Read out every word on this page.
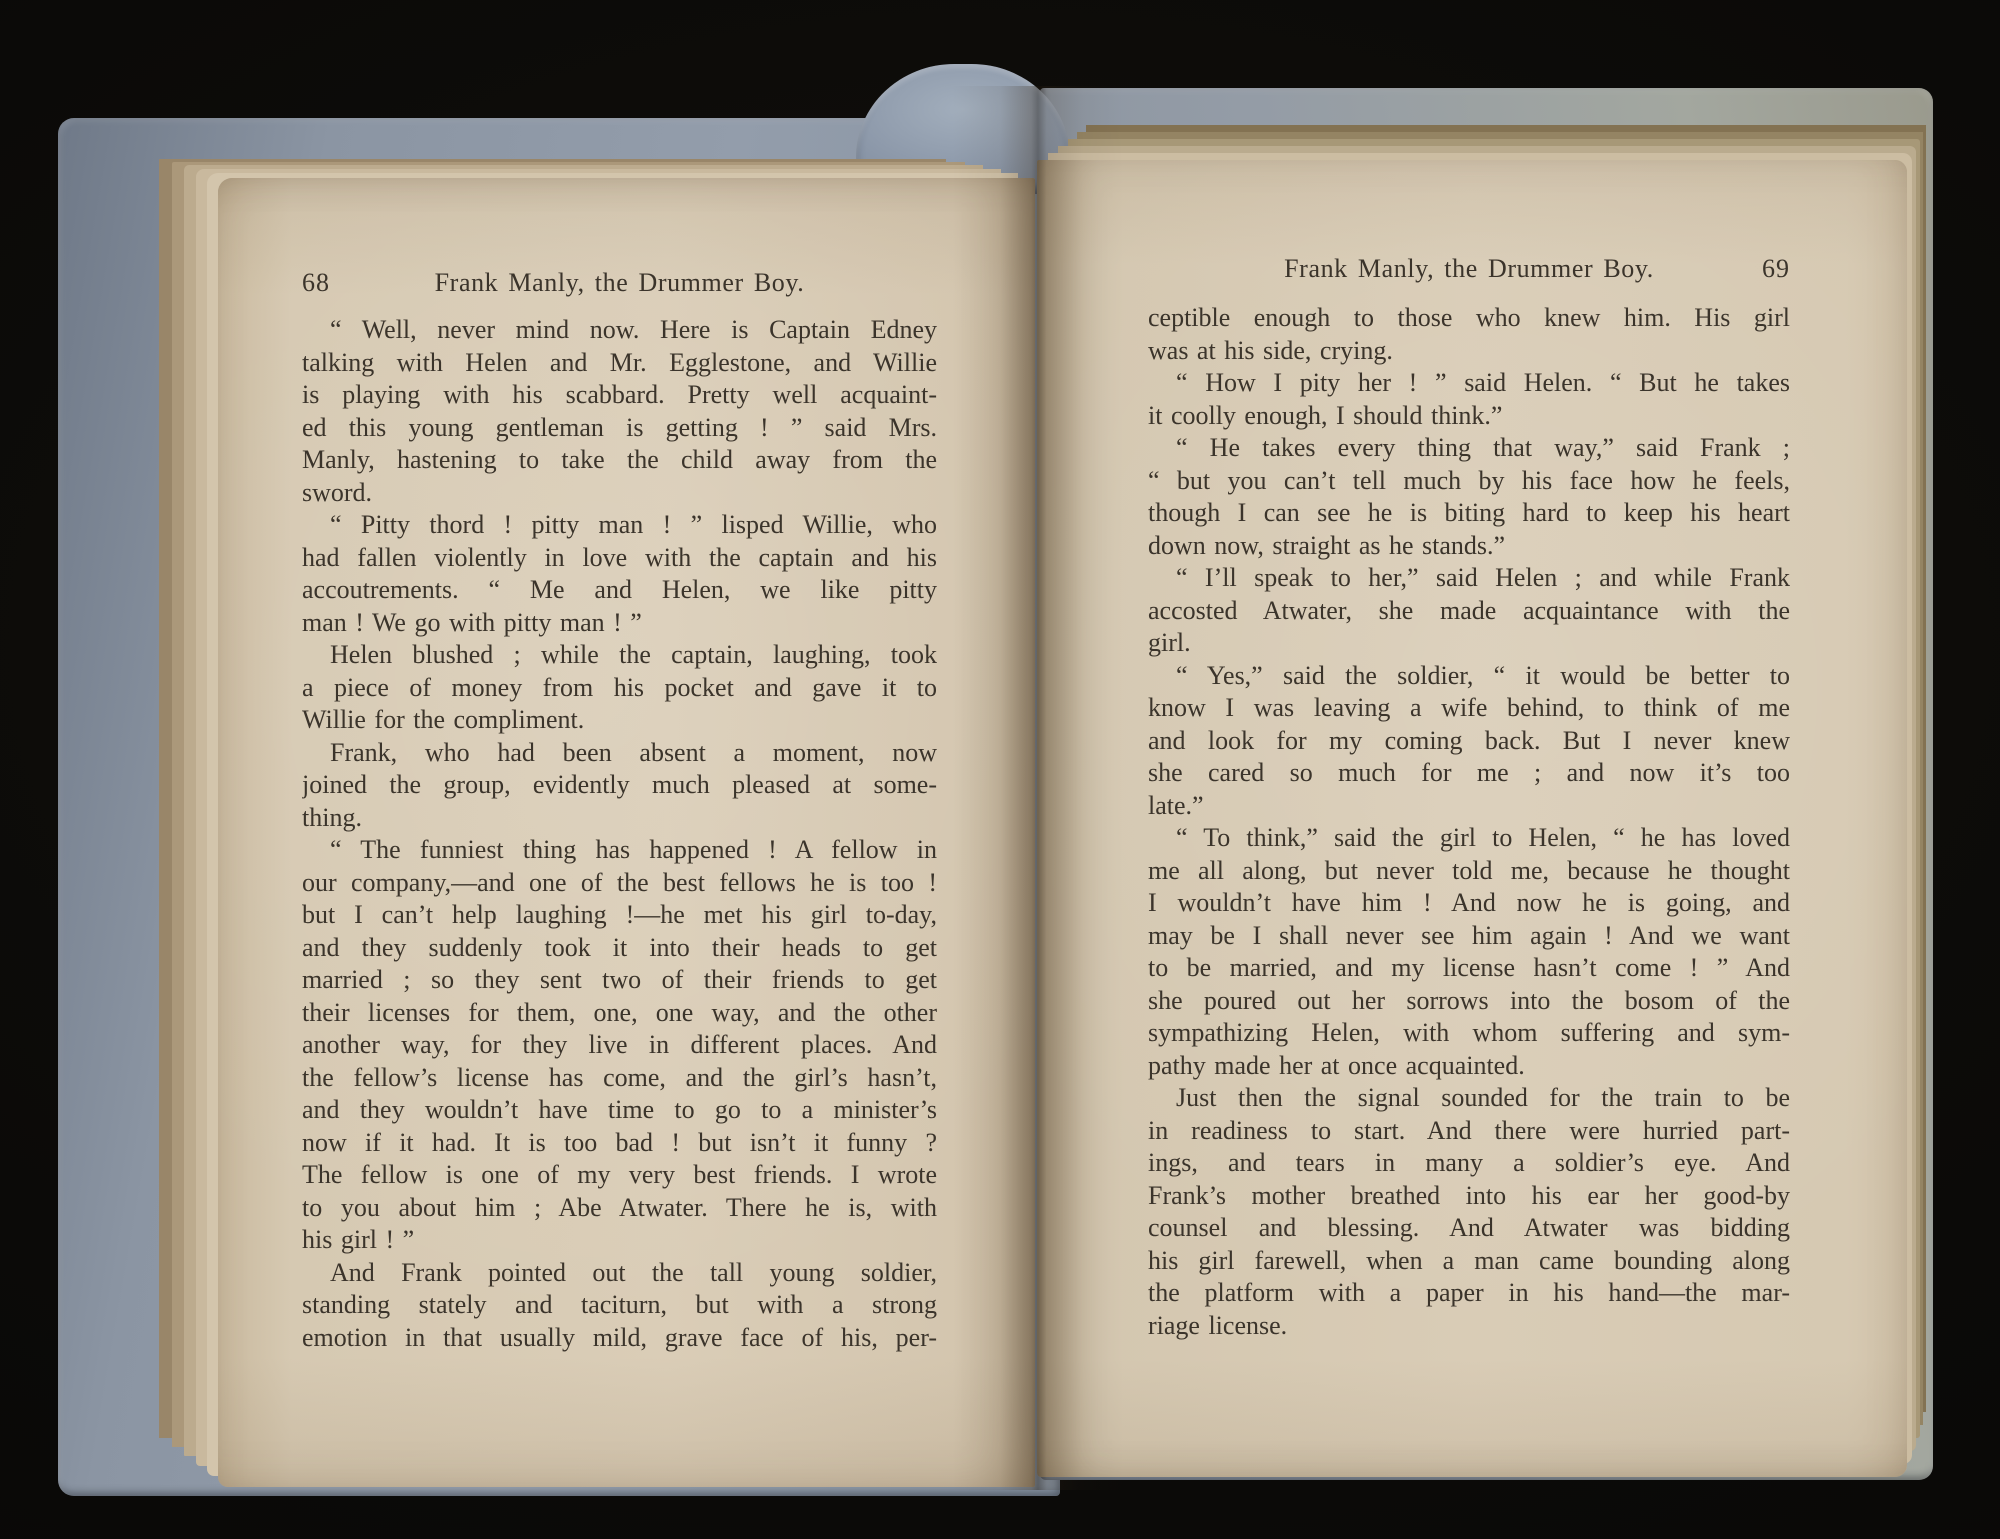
68	Frank Manly, the Drummer Boy.
“ Well, never mind now. Here is Captain Edney
talking with Helen and Mr. Egglestone, and Willie
is playing with his scabbard. Pretty well acquaint-
ed this young gentleman is getting ! ” said Mrs.
Manly, hastening to take the child away from the
sword.
“ Pitty thord ! pitty man ! ” lisped Willie, who
had fallen violently in love with the captain and his
accoutrements. “ Me and Helen, we like pitty
man ! We go with pitty man ! ”
Helen blushed ; while the captain, laughing, took
a piece of money from his pocket and gave it to
Willie for the compliment.
Frank, who had been absent a moment, now
joined the group, evidently much pleased at some-
thing.
“ The funniest thing has happened ! A fellow in
our company,—and one of the best fellows he is too !
but I can’t help laughing !—he met his girl to-day,
and they suddenly took it into their heads to get
married ; so they sent two of their friends to get
their licenses for them, one, one way, and the other
another way, for they live in different places. And
the fellow’s license has come, and the girl’s hasn’t,
and they wouldn’t have time to go to a minister’s
now if it had. It is too bad ! but isn’t it funny ?
The fellow is one of my very best friends. I wrote
to you about him ; Abe Atwater. There he is, with
his girl ! ”
And Frank pointed out the tall young soldier,
standing stately and taciturn, but with a strong
emotion in that usually mild, grave face of his, per-
Frank Manly, the Drummer Boy.	69
ceptible enough to those who knew him. His girl
was at his side, crying.
“ How I pity her ! ” said Helen. “ But he takes
it coolly enough, I should think.”
“ He takes every thing that way,” said Frank ;
“ but you can’t tell much by his face how he feels,
though I can see he is biting hard to keep his heart
down now, straight as he stands.”
“ I’ll speak to her,” said Helen ; and while Frank
accosted Atwater, she made acquaintance with the
girl.
“ Yes,” said the soldier, “ it would be better to
know I was leaving a wife behind, to think of me
and look for my coming back. But I never knew
she cared so much for me ; and now it’s too
late.”
“ To think,” said the girl to Helen, “ he has loved
me all along, but never told me, because he thought
I wouldn’t have him ! And now he is going, and
may be I shall never see him again ! And we want
to be married, and my license hasn’t come ! ” And
she poured out her sorrows into the bosom of the
sympathizing Helen, with whom suffering and sym-
pathy made her at once acquainted.
Just then the signal sounded for the train to be
in readiness to start. And there were hurried part-
ings, and tears in many a soldier’s eye. And
Frank’s mother breathed into his ear her good-by
counsel and blessing. And Atwater was bidding
his girl farewell, when a man came bounding along
the platform with a paper in his hand—the mar-
riage license.
